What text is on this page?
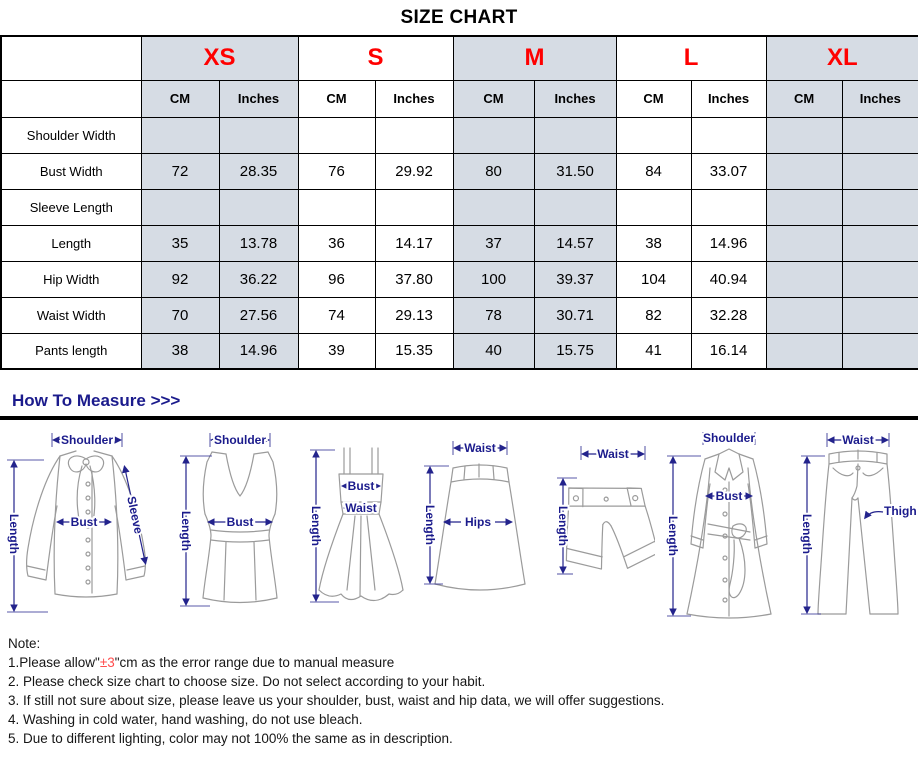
SIZE CHART
	XS		S		M		L		XL	
	CM	Inches	CM	Inches	CM	Inches	CM	Inches	CM	Inches
Shoulder Width										
Bust Width	72	28.35	76	29.92	80	31.50	84	33.07		
Sleeve Length										
Length	35	13.78	36	14.17	37	14.57	38	14.96		
Hip Width	92	36.22	96	37.80	100	39.37	104	40.94		
Waist Width	70	27.56	74	29.13	78	30.71	82	32.28		
Pants length	38	14.96	39	15.35	40	15.75	41	16.14		
How To Measure >>>
Shoulder
Length	Bust Sleeve
Shoulder
Length	Bust	Length
Bust
Waist
Waist
Length Hips
Waist
Length
Shoulder
Length
Bust
Waist
Length
Thigh
Note:
1.Please allow"±3"cm as the error range due to manual measure
2. Please check size chart to choose size. Do not select according to your habit.
3. If still not sure about size, please leave us your shoulder, bust, waist and hip data, we will offer suggestions.
4. Washing in cold water, hand washing, do not use bleach.
5. Due to different lighting, color may not 100% the same as in description.
